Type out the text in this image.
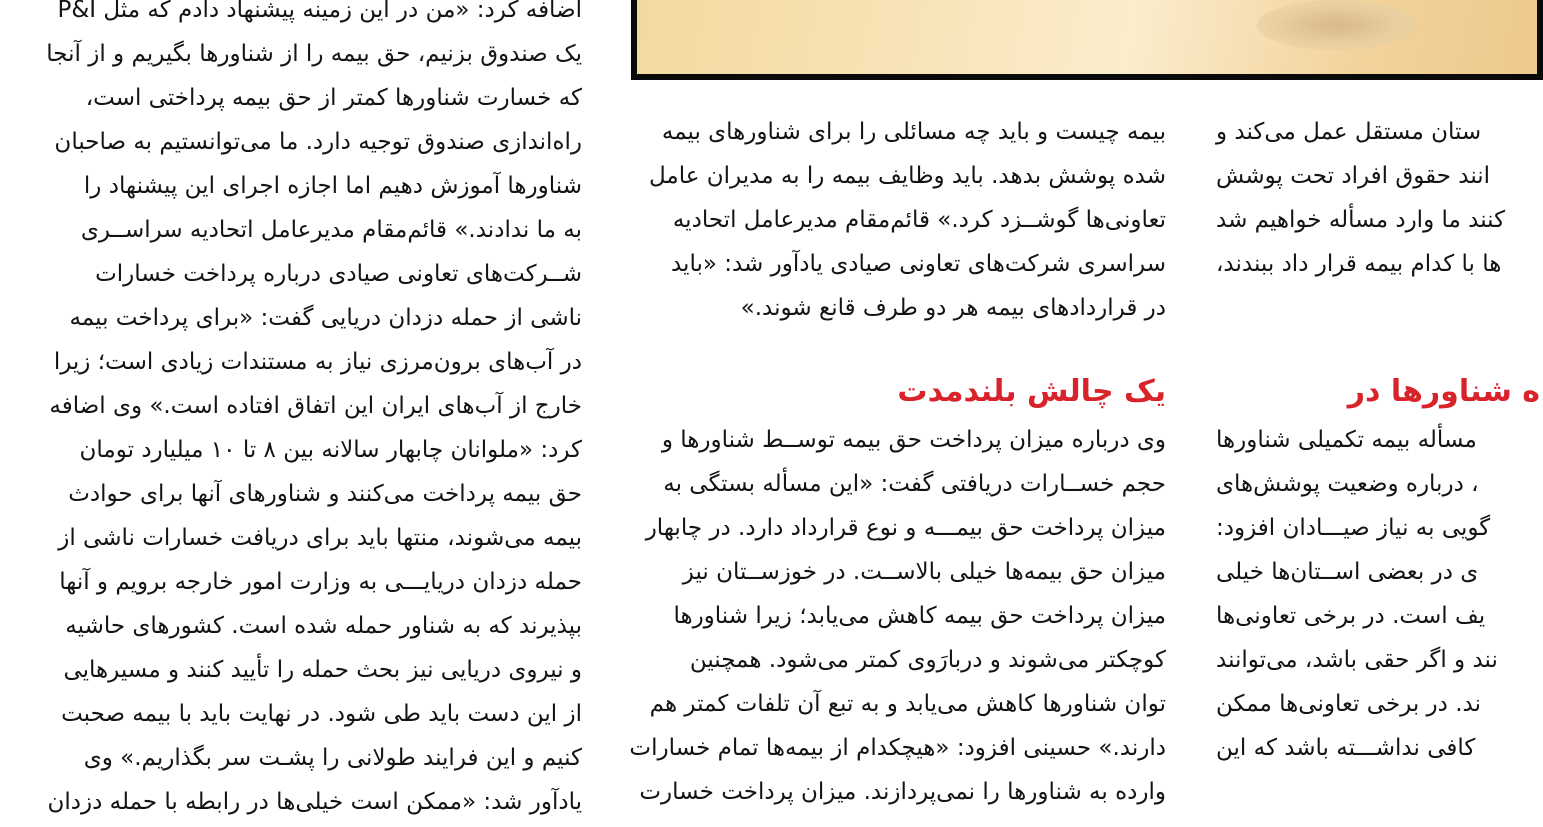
اضافه کرد: «من در این زمینه پیشنهاد دادم که مثل P&I

یک صندوق بزنیم، حق بیمه را از شناورها بگیریم و از آنجا

که خسارت شناورها کمتر از حق بیمه پرداختی است،

راه‌اندازی صندوق توجیه دارد. ما می‌توانستیم به صاحبان

شناورها آموزش دهیم اما اجازه اجرای این پیشنهاد را

به ما ندادند.» قائم‌مقام مدیرعامل اتحادیه سراســری

شــرکت‌های تعاونی صیادی درباره پرداخت خسارات

ناشی از حمله دزدان دریایی گفت: «برای پرداخت بیمه

در آب‌های برون‌مرزی نیاز به مستندات زیادی است؛ زیرا

خارج از آب‌های ایران این اتفاق افتاده است.» وی اضافه

کرد: «ملوانان چابهار سالانه بین ۸ تا ۱۰ میلیارد تومان

حق بیمه پرداخت می‌کنند و شناورهای آنها برای حوادث

بیمه می‌شوند، منتها باید برای دریافت خسارات ناشی از

حمله دزدان دریایـــی به وزارت امور خارجه برویم و آنها

بپذیرند که به شناور حمله شده است. کشورهای حاشیه

و نیروی دریایی نیز بحث حمله را تأیید کنند و مسیرهایی

از این دست باید طی شود. در نهایت باید با بیمه صحبت

کنیم و این فرایند طولانی را پشـت سر بگذاریم.» وی

یادآور شد: «ممکن است خیلی‌ها در رابطه با حمله دزدان

بیمه چیست و باید چه مسائلی را برای شناورهای بیمه

شده پوشش بدهد. باید وظایف بیمه را به مدیران عامل

تعاونی‌ها گوشــزد کرد.» قائم‌مقام مدیرعامل اتحادیه

سراسری شرکت‌های تعاونی صیادی یادآور شد: «باید

در قراردادهای بیمه هر دو طرف قانع شوند.»

یک چالش بلندمدت

وی درباره میزان پرداخت حق بیمه توســط شناورها و

حجم خســارات دریافتی گفت: «این مسأله بستگی به

میزان پرداخت حق بیمـــه و نوع قرارداد دارد. در چابهار

میزان حق بیمه‌ها خیلی بالاســت. در خوزســتان نیز

میزان پرداخت حق بیمه کاهش می‌یابد؛ زیرا شناورها

کوچکتر می‌شوند و دربارَوی کمتر می‌شود. همچنین

توان شناورها کاهش می‌یابد و به تبع آن تلفات کمتر هم

دارند.» حسینی افزود: «هیچکدام از بیمه‌ها تمام خسارات

وارده به شناورها را نمی‌پردازند. میزان پرداخت خسارت

ستان مستقل عمل می‌کند و

انند حقوق افراد تحت پوشش

کنند ما وارد مسأله خواهیم شد

ها با کدام بیمه قرار داد ببندند،

ه شناورها در

مسأله بیمه تکمیلی شناورها

، درباره وضعیت پوشش‌های

گویی به نیاز صیـــادان افزود:

ی در بعضی اســتان‌ها خیلی

یف است. در برخی تعاونی‌ها

نند و اگر حقی باشد، می‌توانند

ند. در برخی تعاونی‌ها ممکن

کافی نداشـــته باشد که این
